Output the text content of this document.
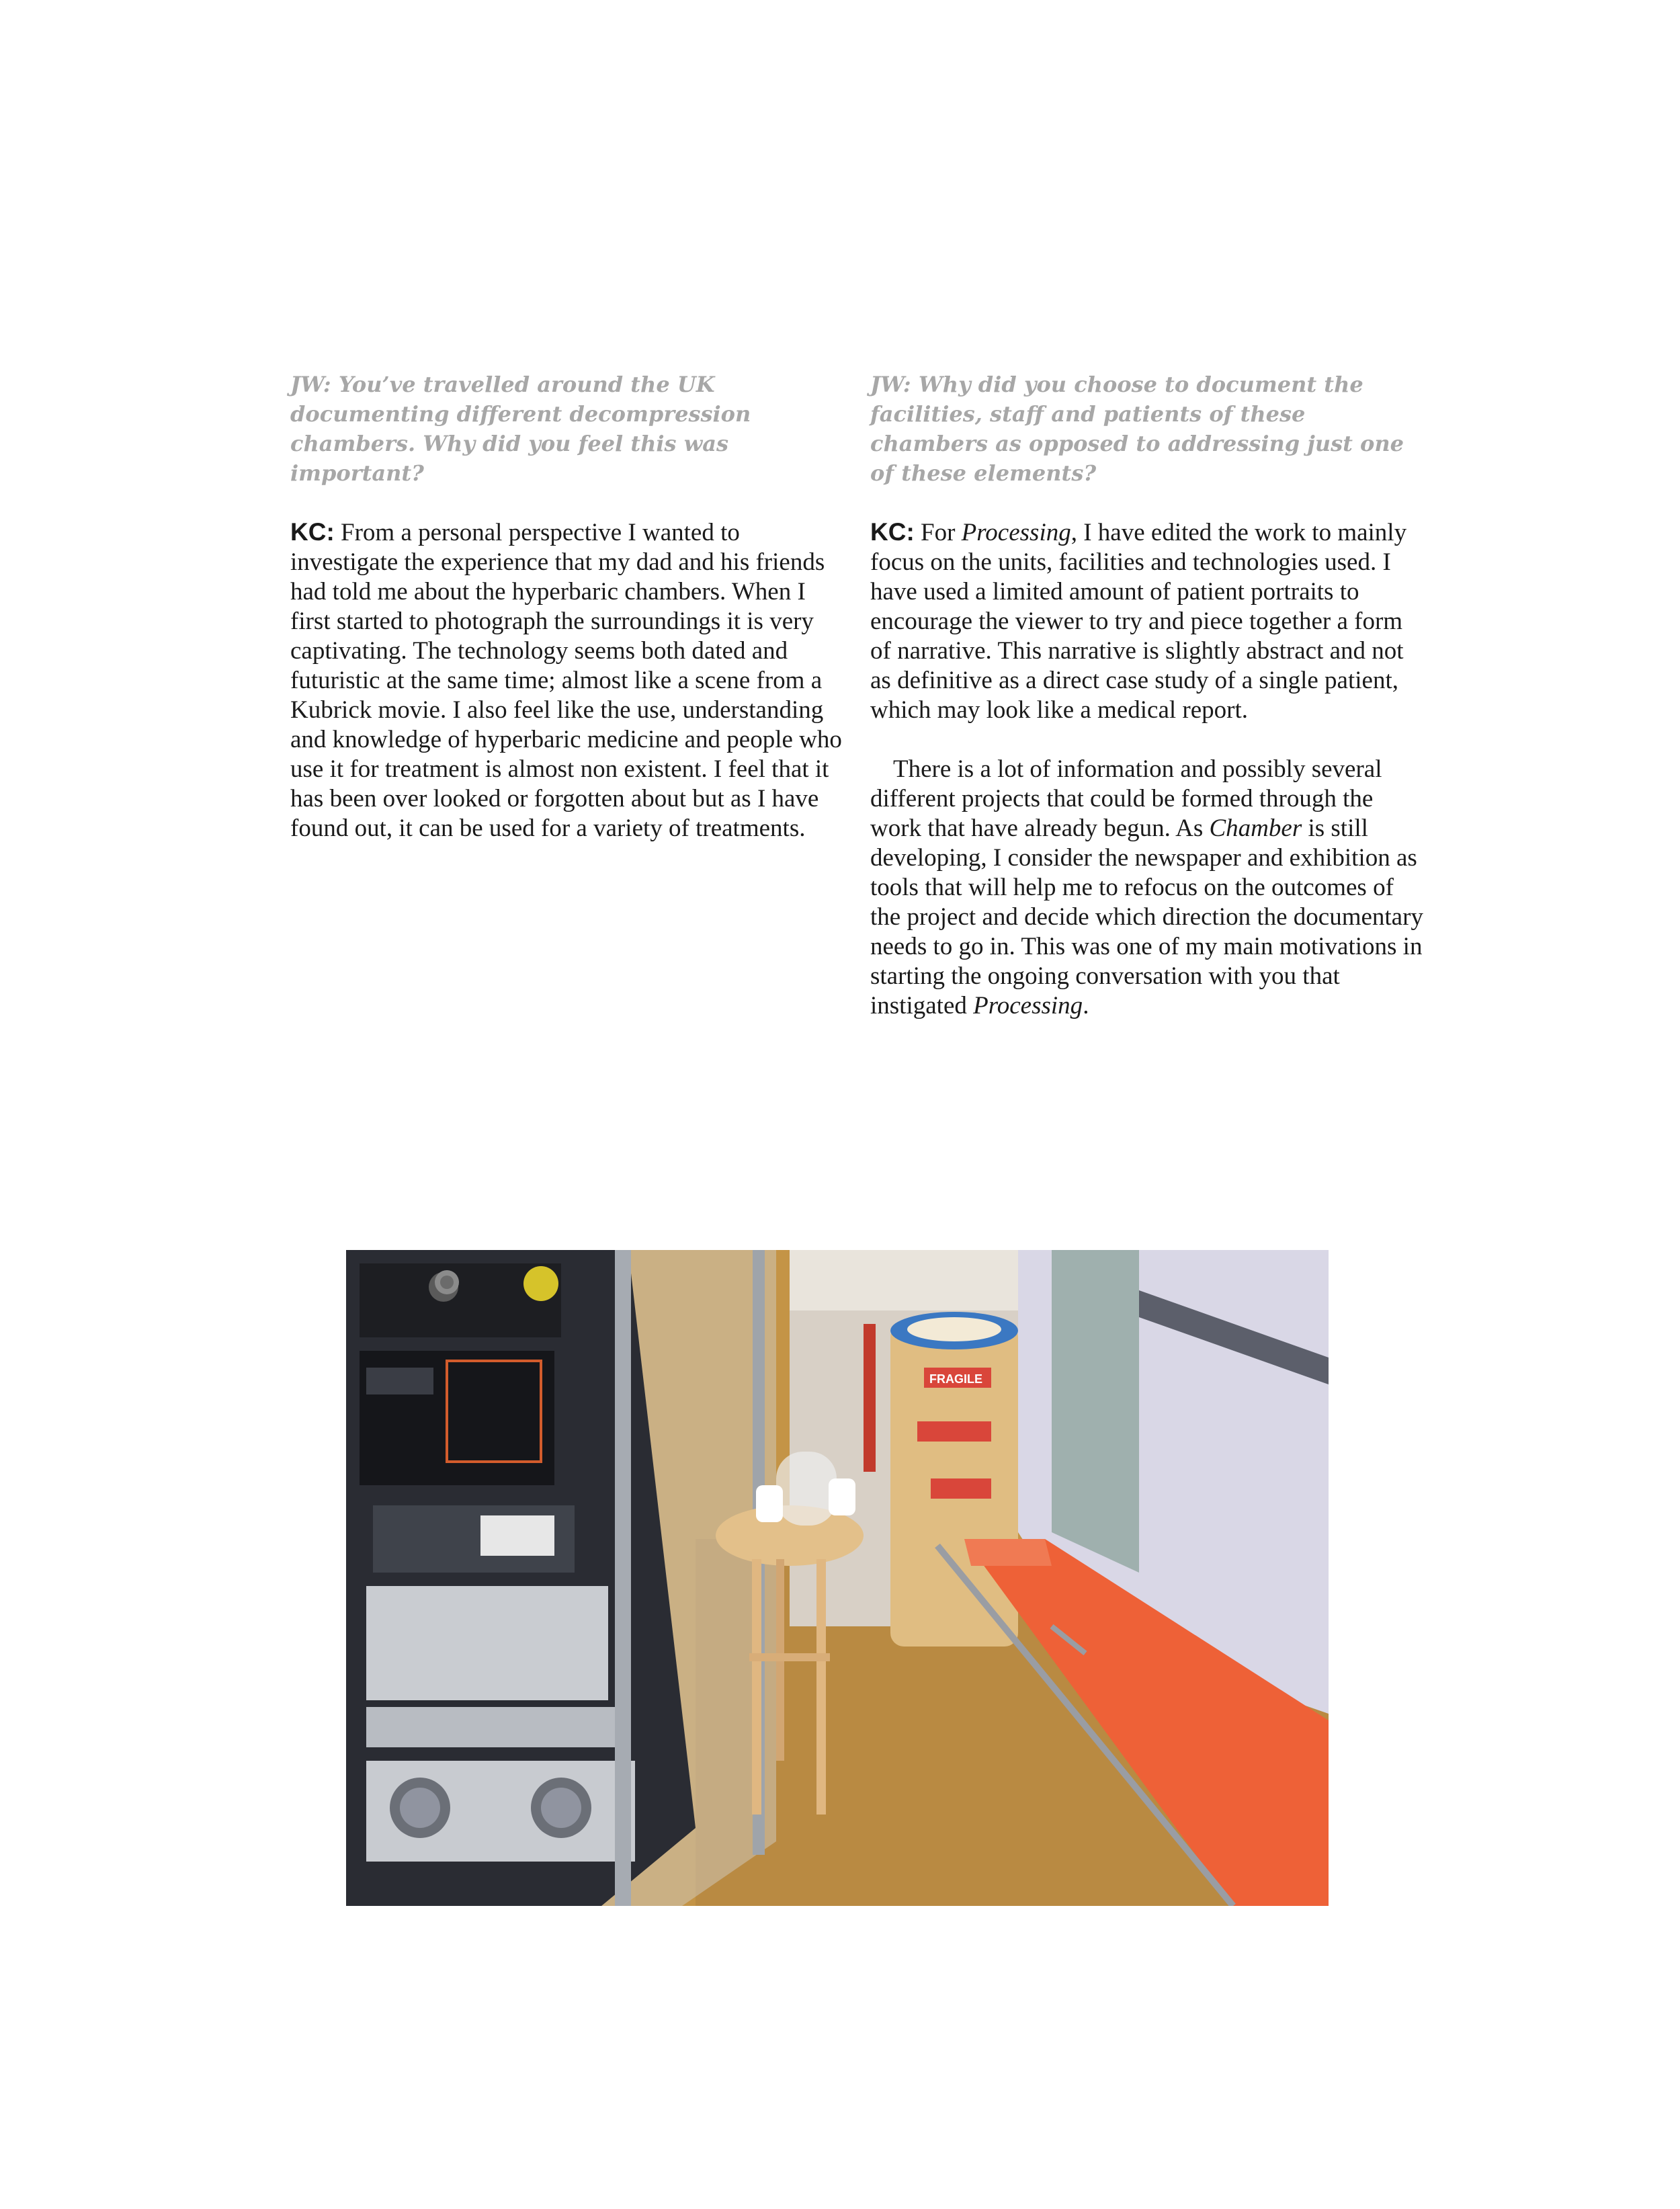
JW: You’ve travelled around the UK documenting different decompression chambers. Why did you feel this was important?

KC: From a personal perspective I wanted to investigate the experience that my dad and his friends had told me about the hyperbaric chambers. When I first started to photograph the surroundings it is very captivating. The technology seems both dated and futuristic at the same time; almost like a scene from a Kubrick movie. I also feel like the use, understanding and knowledge of hyperbaric medicine and people who use it for treatment is almost non existent. I feel that it has been over looked or forgotten about but as I have found out, it can be used for a variety of treatments.

JW: Why did you choose to document the facilities, staff and patients of these chambers as opposed to addressing just one of these elements?

KC: For Processing, I have edited the work to mainly focus on the units, facilities and technologies used. I have used a limited amount of patient portraits to encourage the viewer to try and piece together a form of narrative. This narrative is slightly abstract and not as definitive as a direct case study of a single patient, which may look like a medical report.

There is a lot of information and possibly several different projects that could be formed through the work that have already begun. As Chamber is still developing, I consider the newspaper and exhibition as tools that will help me to refocus on the outcomes of the project and decide which direction the documentary needs to go in. This was one of my main motivations in starting the ongoing conversation with you that instigated Processing.

FRAGILE
